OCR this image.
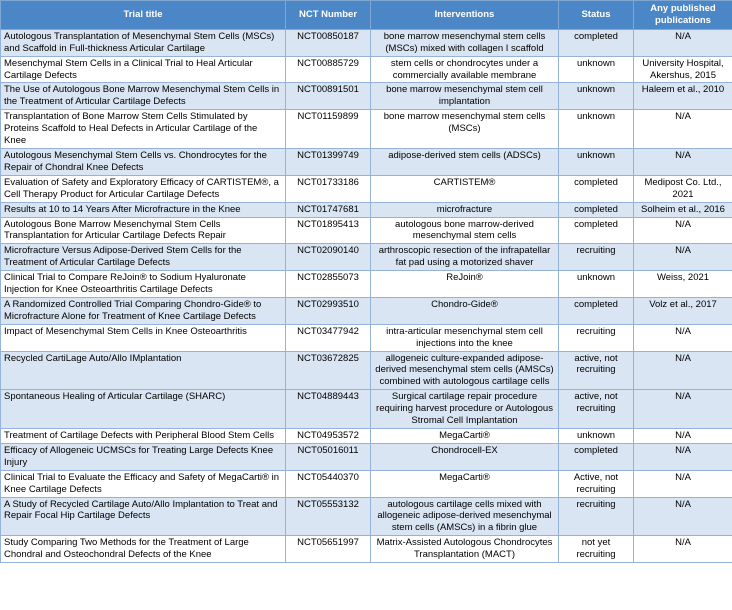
Trial title	NCT Number	Interventions	Status	Any published publications
Autologous Transplantation of Mesenchymal Stem Cells (MSCs) and Scaffold in Full-thickness Articular Cartilage	NCT00850187	bone marrow mesenchymal stem cells (MSCs) mixed with collagen I scaffold	completed	N/A
Mesenchymal Stem Cells in a Clinical Trial to Heal Articular Cartilage Defects	NCT00885729	stem cells or chondrocytes under a commercially available membrane	unknown	University Hospital, Akershus, 2015
The Use of Autologous Bone Marrow Mesenchymal Stem Cells in the Treatment of Articular Cartilage Defects	NCT00891501	bone marrow mesenchymal stem cell implantation	unknown	Haleem et al., 2010
Transplantation of Bone Marrow Stem Cells Stimulated by Proteins Scaffold to Heal Defects in Articular Cartilage of the Knee	NCT01159899	bone marrow mesenchymal stem cells (MSCs)	unknown	N/A
Autologous Mesenchymal Stem Cells vs. Chondrocytes for the Repair of Chondral Knee Defects	NCT01399749	adipose-derived stem cells (ADSCs)	unknown	N/A
Evaluation of Safety and Exploratory Efficacy of CARTISTEM®, a Cell Therapy Product for Articular Cartilage Defects	NCT01733186	CARTISTEM®	completed	Medipost Co. Ltd., 2021
Results at 10 to 14 Years After Microfracture in the Knee	NCT01747681	microfracture	completed	Solheim et al., 2016
Autologous Bone Marrow Mesenchymal Stem Cells Transplantation for Articular Cartilage Defects Repair	NCT01895413	autologous bone marrow-derived mesenchymal stem cells	completed	N/A
Microfracture Versus Adipose-Derived Stem Cells for the Treatment of Articular Cartilage Defects	NCT02090140	arthroscopic resection of the infrapatellar fat pad using a motorized shaver	recruiting	N/A
Clinical Trial to Compare ReJoin® to Sodium Hyaluronate Injection for Knee Osteoarthritis Cartilage Defects	NCT02855073	ReJoin®	unknown	Weiss, 2021
A Randomized Controlled Trial Comparing Chondro-Gide® to Microfracture Alone for Treatment of Knee Cartilage Defects	NCT02993510	Chondro-Gide®	completed	Volz et al., 2017
Impact of Mesenchymal Stem Cells in Knee Osteoarthritis	NCT03477942	intra-articular mesenchymal stem cell injections into the knee	recruiting	N/A
Recycled CartiLage Auto/Allo IMplantation	NCT03672825	allogeneic culture-expanded adipose-derived mesenchymal stem cells (AMSCs) combined with autologous cartilage cells	active, not recruiting	N/A
Spontaneous Healing of Articular Cartilage (SHARC)	NCT04889443	Surgical cartilage repair procedure requiring harvest procedure or Autologous Stromal Cell Implantation	active, not recruiting	N/A
Treatment of Cartilage Defects with Peripheral Blood Stem Cells	NCT04953572	MegaCarti®	unknown	N/A
Efficacy of Allogeneic UCMSCs for Treating Large Defects Knee Injury	NCT05016011	Chondrocell-EX	completed	N/A
Clinical Trial to Evaluate the Efficacy and Safety of MegaCarti® in Knee Cartilage Defects	NCT05440370	MegaCarti®	Active, not recruiting	N/A
A Study of Recycled Cartilage Auto/Allo Implantation to Treat and Repair Focal Hip Cartilage Defects	NCT05553132	autologous cartilage cells mixed with allogeneic adipose-derived mesenchymal stem cells (AMSCs) in a fibrin glue	recruiting	N/A
Study Comparing Two Methods for the Treatment of Large Chondral and Osteochondral Defects of the Knee	NCT05651997	Matrix-Assisted Autologous Chondrocytes Transplantation (MACT)	not yet recruiting	N/A
